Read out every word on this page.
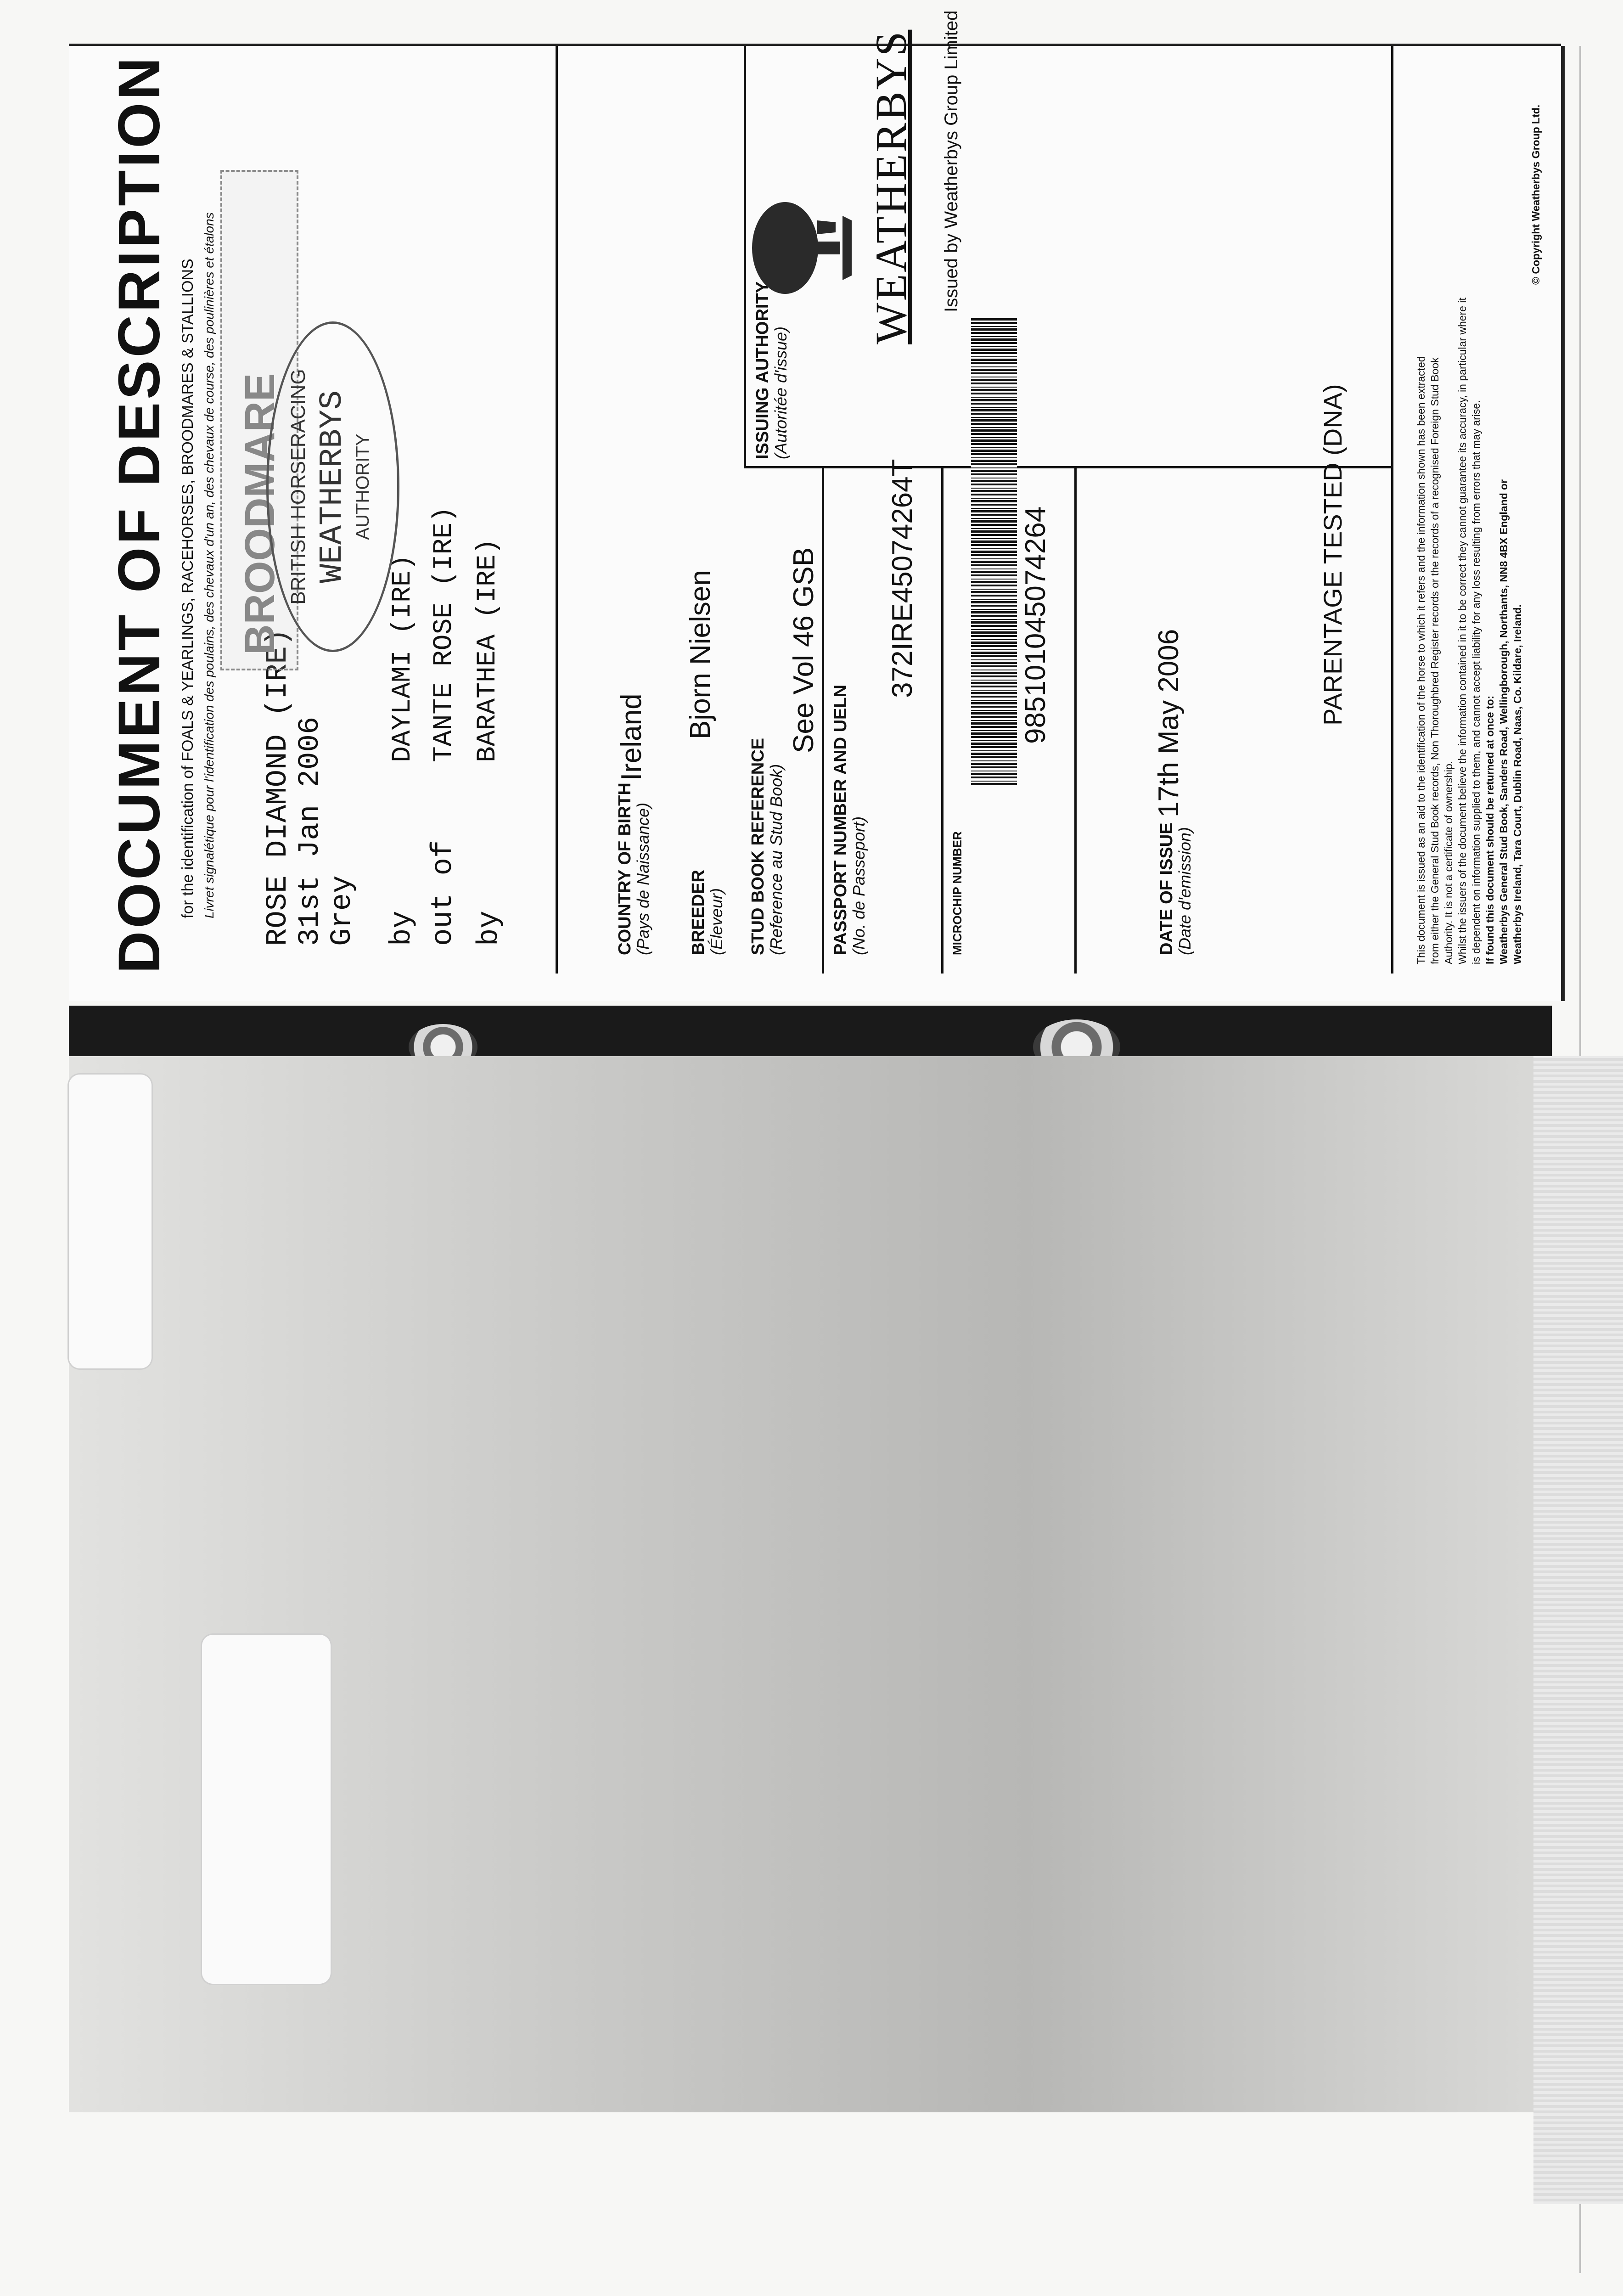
DOCUMENT OF DESCRIPTION for the identification of FOALS & YEARLINGS, RACEHORSES, BROODMARES & STALLIONS Livret signalétique pour l'identification des poulains, des chevaux d'un an, des chevaux de course, des poulinières et étalons ROSE DIAMOND (IRE)
31st Jan 2006
Grey by
DAYLAMI (IRE)
out of
TANTE ROSE (IRE)
by
BARATHEA (IRE)
BROODMARE BRITISH HORSERACING WEATHERBYS AUTHORITY
COUNTRY OF BIRTH
(Pays de Naissance)
Ireland
BREEDER
(Éleveur)
Bjorn Nielsen
STUD BOOK REFERENCE
(Reference au Stud Book)
See Vol 46 GSB
PASSPORT NUMBER AND UELN
(No. de Passeport)
372IRE45074264T
MICROCHIP NUMBER
985101045074264
DATE OF ISSUE
(Date d'emission)
17th May 2006
ISSUING AUTHORITY
(Autoritée d'issue)
WEATHERBYS Issued by Weatherbys Group Limited
PARENTAGE TESTED (DNA)	This document is issued as an aid to the identification of the horse to which it refers and the information shown has been extracted from either the General Stud Book records, Non Thoroughbred Register records or the records of a recognised Foreign Stud Book Authority. It is not a certificate of ownership. Whilst the issuers of the document believe the information contained in it to be correct they cannot guarantee its accuracy, in particular where it is dependent on information supplied to them, and cannot accept liability for any loss resulting from errors that may arise. If found this document should be returned at once to: Weatherbys General Stud Book, Sanders Road, Wellingborough, Northants, NN8 4BX England or Weatherbys Ireland, Tara Court, Dublin Road, Naas, Co. Kildare, Ireland.
© Copyright Weatherbys Group Ltd.
